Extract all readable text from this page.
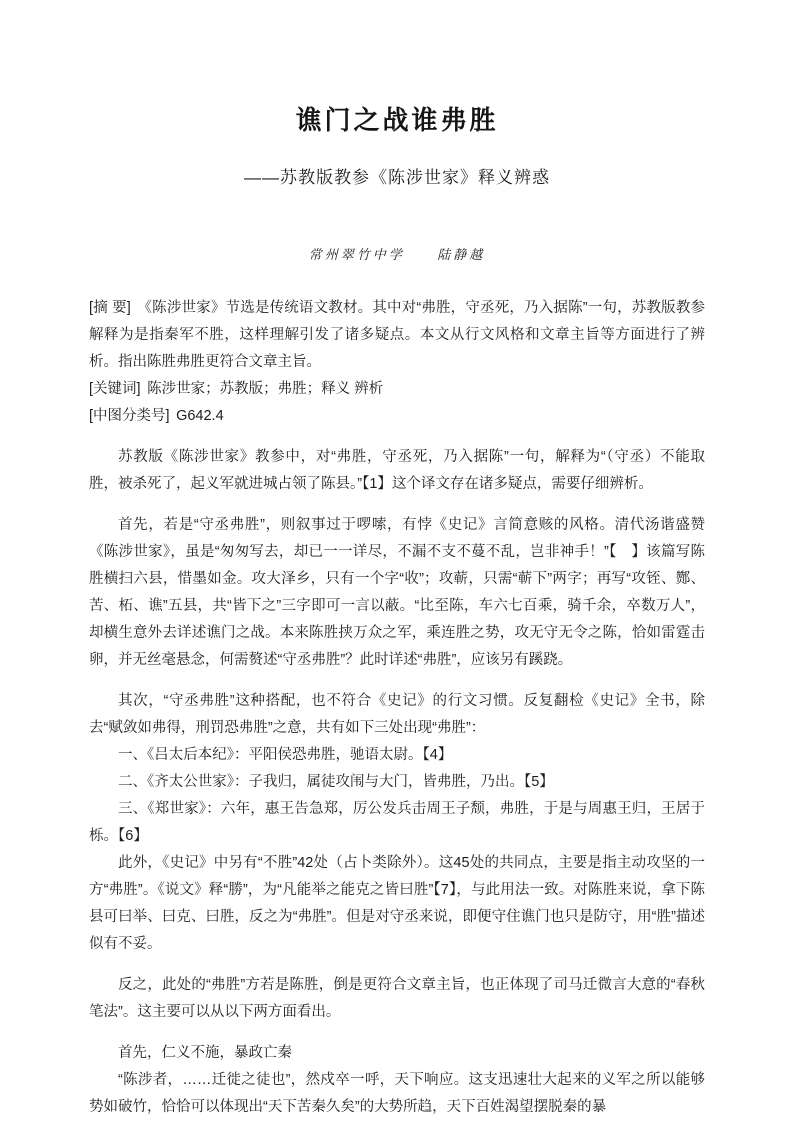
谯门之战谁弗胜
——苏教版教参《陈涉世家》释义辨惑
常州翠竹中学	陆静越

[摘 要] 《陈涉世家》节选是传统语文教材。其中对“弗胜，守丞死，乃入据陈”一句，苏教版教参解释为是指秦军不胜，这样理解引发了诸多疑点。本文从行文风格和文章主旨等方面进行了辨析。指出陈胜弗胜更符合文章主旨。

[关键词] 陈涉世家；苏教版；弗胜；释义 辨析

[中图分类号] G642.4

苏教版《陈涉世家》教参中，对“弗胜，守丞死，乃入据陈”一句，解释为“（守丞）不能取胜，被杀死了，起义军就进城占领了陈县。”【1】这个译文存在诸多疑点，需要仔细辨析。

首先，若是“守丞弗胜”，则叙事过于啰嗦，有悖《史记》言简意赅的风格。清代汤谐盛赞《陈涉世家》，虽是“匆匆写去，却已一一详尽，不漏不支不蔓不乱，岂非神手！”【　】该篇写陈胜横扫六县，惜墨如金。攻大泽乡，只有一个字“收”；攻蕲，只需“蕲下”两字；再写“攻铚、酂、苦、柘、谯”五县，共“皆下之”三字即可一言以蔽。“比至陈，车六七百乘，骑千余，卒数万人”，却横生意外去详述谯门之战。本来陈胜挟万众之军，乘连胜之势，攻无守无令之陈，恰如雷霆击卵，并无丝毫悬念，何需赘述“守丞弗胜”？此时详述“弗胜”，应该另有蹊跷。

其次，“守丞弗胜”这种搭配，也不符合《史记》的行文习惯。反复翻检《史记》全书，除去“赋敛如弗得，刑罚恐弗胜”之意，共有如下三处出现“弗胜”：

一、《吕太后本纪》：平阳侯恐弗胜，驰语太尉。【4】

二、《齐太公世家》：子我归，属徒攻闱与大门，皆弗胜，乃出。【5】

三、《郑世家》：六年，惠王告急郑，厉公发兵击周王子颓，弗胜，于是与周惠王归，王居于栎。【6】

此外，《史记》中另有“不胜”42处（占卜类除外）。这45处的共同点，主要是指主动攻坚的一方“弗胜”。《说文》释“勝”，为“凡能举之能克之皆曰胜”【7】，与此用法一致。对陈胜来说，拿下陈县可曰举、曰克、曰胜，反之为“弗胜”。但是对守丞来说，即便守住谯门也只是防守，用“胜”描述似有不妥。

反之，此处的“弗胜”方若是陈胜，倒是更符合文章主旨，也正体现了司马迁微言大意的“春秋笔法”。这主要可以从以下两方面看出。

首先，仁义不施，暴政亡秦

“陈涉者，……迁徙之徒也”，然戍卒一呼，天下响应。这支迅速壮大起来的义军之所以能够势如破竹，恰恰可以体现出“天下苦秦久矣”的大势所趋，天下百姓渴望摆脱秦的暴
